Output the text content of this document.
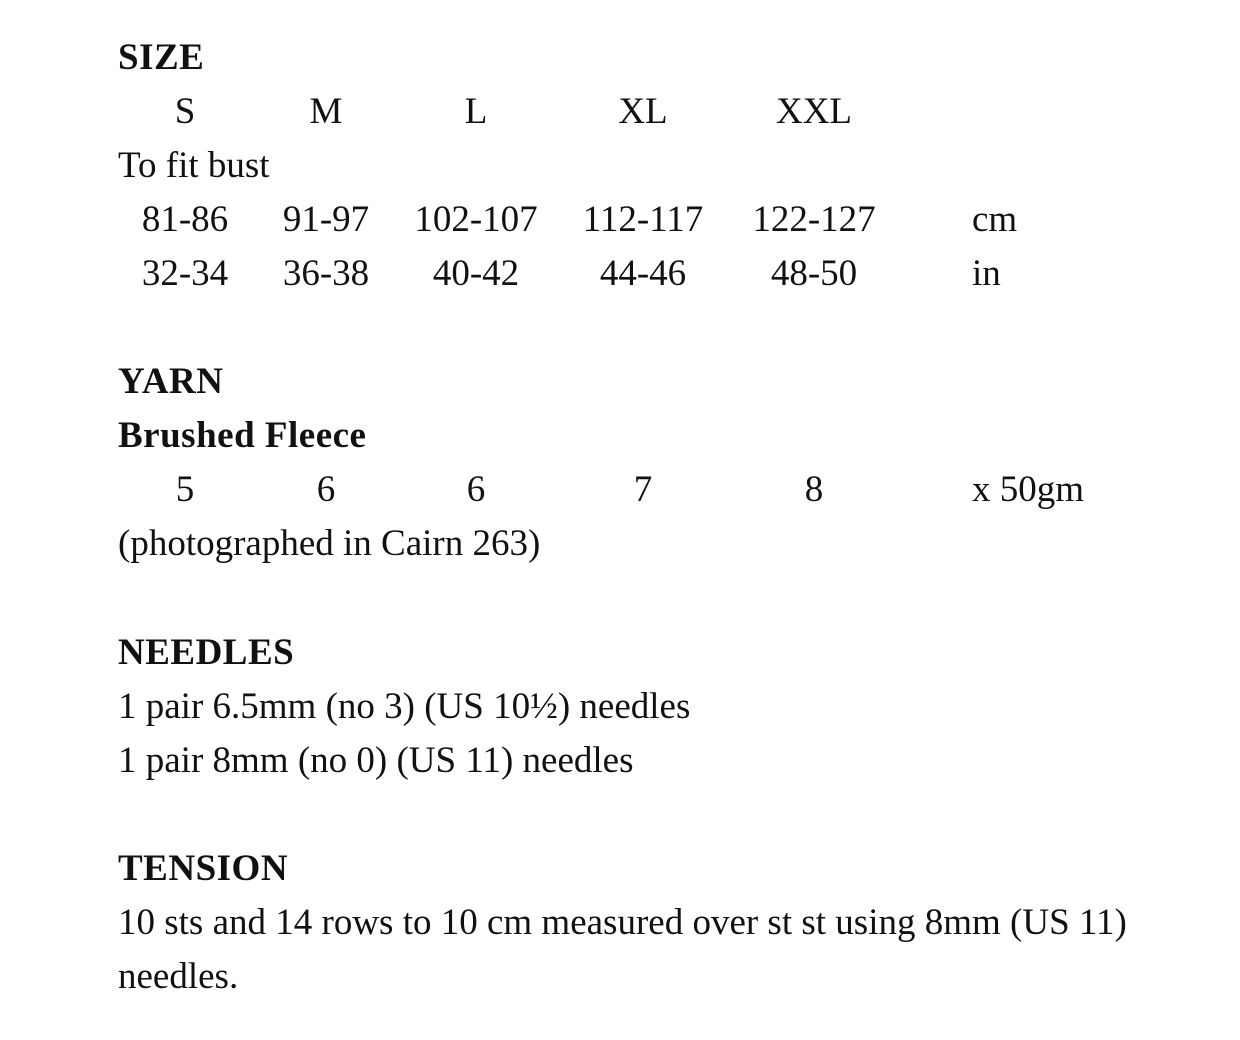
SIZE
S	M	L	XL	XXL
To fit bust
81-86	91-97	102-107	112-117	122-127	cm
32-34	36-38	40-42	44-46	48-50	in
YARN
Brushed Fleece
5	6	6	7	8	x 50gm
(photographed in Cairn 263)
NEEDLES
1 pair 6.5mm (no 3) (US 10½) needles
1 pair 8mm (no 0) (US 11) needles
TENSION
10 sts and 14 rows to 10 cm measured over st st using 8mm (US 11)
needles.
